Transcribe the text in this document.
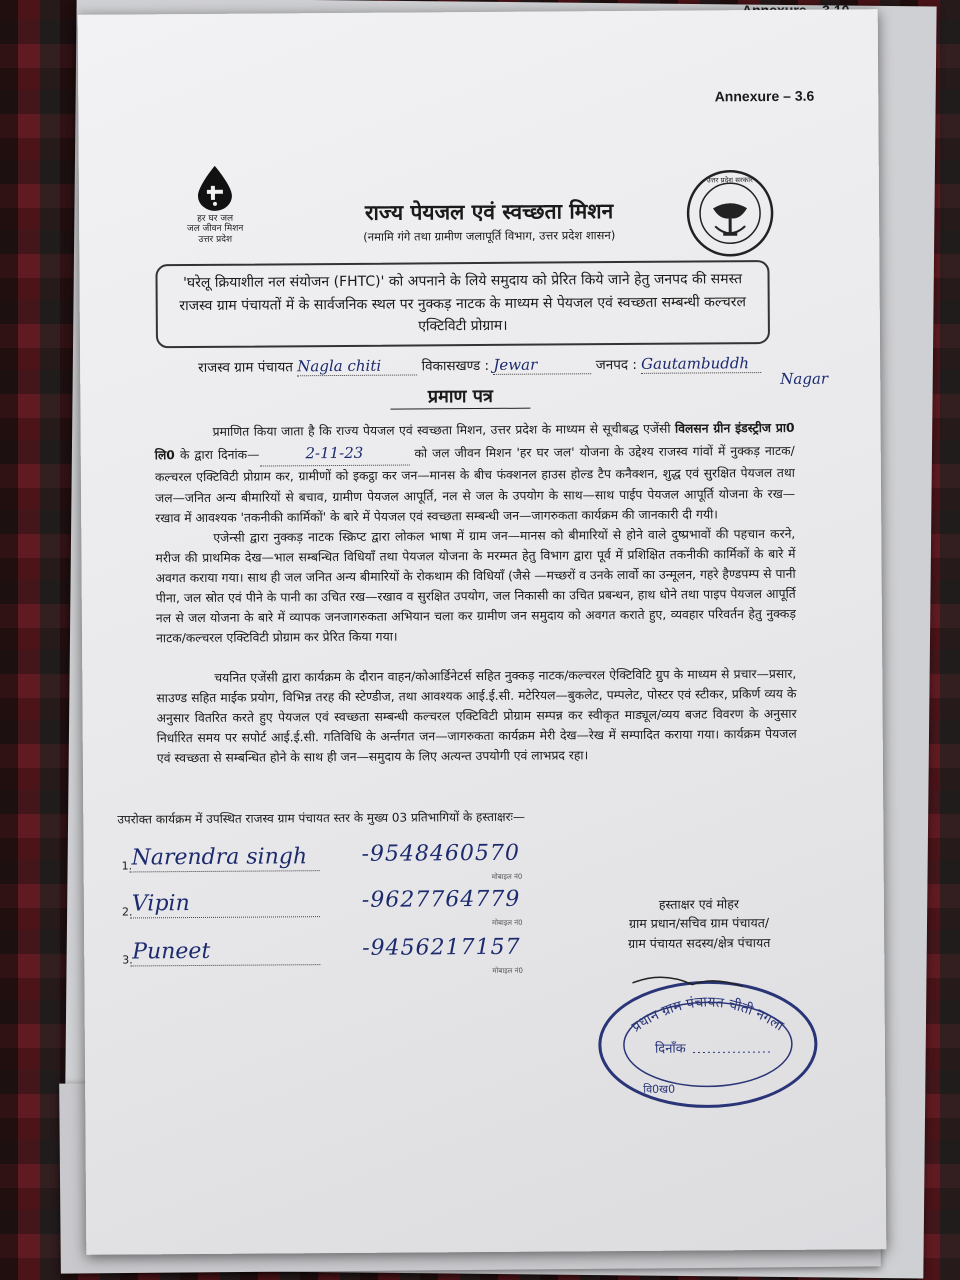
Annexure – 3.6
हर घर जल
जल जीवन मिशन
उत्तर प्रदेश
राज्य पेयजल एवं स्वच्छता मिशन
(नमामि गंगे तथा ग्रामीण जलापूर्ति विभाग, उत्तर प्रदेश शासन)
उत्तर प्रदेश सरकार
'घरेलू क्रियाशील नल संयोजन (FHTC)' को अपनाने के लिये समुदाय को प्रेरित किये जाने हेतु जनपद की समस्त राजस्व ग्राम पंचायतों में के सार्वजनिक स्थल पर नुक्कड़ नाटक के माध्यम से पेयजल एवं स्वच्छता सम्बन्धी कल्चरल एक्टिविटी प्रोग्राम।
राजस्व ग्राम पंचायत Nagla chiti	विकासखण्ड : Jewar	जनपद : Gautambuddh
Nagar
प्रमाण पत्र
प्रमाणित किया जाता है कि राज्य पेयजल एवं स्वच्छता मिशन, उत्तर प्रदेश के माध्यम से सूचीबद्ध एजेंसी विलसन ग्रीन इंडस्ट्रीज प्रा0 लि0 के द्वारा दिनांक—	2-11-23	को जल जीवन मिशन 'हर घर जल' योजना के उद्देश्य राजस्व गांवों में नुक्कड़ नाटक/कल्चरल एक्टिविटी प्रोग्राम कर, ग्रामीणों को इकट्ठा कर जन—मानस के बीच फंक्शनल हाउस होल्ड टैप कनैक्शन, शुद्ध एवं सुरक्षित पेयजल तथा जल—जनित अन्य बीमारियों से बचाव, ग्रामीण पेयजल आपूर्ति, नल से जल के उपयोग के साथ—साथ पाईप पेयजल आपूर्ति योजना के रख—रखाव में आवश्यक 'तकनीकी कार्मिकों' के बारे में पेयजल एवं स्वच्छता सम्बन्धी जन—जागरुकता कार्यक्रम की जानकारी दी गयी।
एजेन्सी द्वारा नुक्कड़ नाटक स्क्रिप्ट द्वारा लोकल भाषा में ग्राम जन—मानस को बीमारियों से होने वाले दुष्प्रभावों की पहचान करने, मरीज की प्राथमिक देख—भाल सम्बन्धित विधियाँ तथा पेयजल योजना के मरम्मत हेतु विभाग द्वारा पूर्व में प्रशिक्षित तकनीकी कार्मिकों के बारे में अवगत कराया गया। साथ ही जल जनित अन्य बीमारियों के रोकथाम की विधियाँ (जैसे —मच्छरों व उनके लार्वो का उन्मूलन, गहरे हैण्डपम्प से पानी पीना, जल स्रोत एवं पीने के पानी का उचित रख—रखाव व सुरक्षित उपयोग, जल निकासी का उचित प्रबन्धन, हाथ धोने तथा पाइप पेयजल आपूर्ति नल से जल योजना के बारे में व्यापक जनजागरुकता अभियान चला कर ग्रामीण जन समुदाय को अवगत कराते हुए, व्यवहार परिवर्तन हेतु नुक्कड़ नाटक/कल्चरल एक्टिविटी प्रोग्राम कर प्रेरित किया गया।
चयनित एजेंसी द्वारा कार्यक्रम के दौरान वाहन/कोआर्डिनेटर्स सहित नुक्कड़ नाटक/कल्चरल ऐक्टिविटि ग्रुप के माध्यम से प्रचार—प्रसार, साउण्ड सहित माईक प्रयोग, विभिन्न तरह की स्टेण्डीज, तथा आवश्यक आई.ई.सी. मटेरियल—बुकलेट, पम्पलेट, पोस्टर एवं स्टीकर, प्रकिर्ण व्यय के अनुसार वितरित करते हुए पेयजल एवं स्वच्छता सम्बन्धी कल्चरल एक्टिविटी प्रोग्राम सम्पन्न कर स्वीकृत माड्यूल/व्यय बजट विवरण के अनुसार निर्धारित समय पर सपोर्ट आई.ई.सी. गतिविधि के अर्न्तगत जन—जागरुकता कार्यक्रम मेरी देख—रेख में सम्पादित कराया गया। कार्यक्रम पेयजल एवं स्वच्छता से सम्बन्धित होने के साथ ही जन—समुदाय के लिए अत्यन्त उपयोगी एवं लाभप्रद रहा।
उपरोक्त कार्यक्रम में उपस्थित राजस्व ग्राम पंचायत स्तर के मुख्य 03 प्रतिभागियों के हस्ताक्षरः—
1. Narendra singh -9548460570
मोबाइल नं0
2. Vipin	-9627764779
मोबाइल नं0
3. Puneet	-9456217157
मोबाइल नं0
हस्ताक्षर एवं मोहर
ग्राम प्रधान/सचिव ग्राम पंचायत/
ग्राम पंचायत सदस्य/क्षेत्र पंचायत
प्रधान ग्राम पंचायत चीती नगला
दिनाँक
वि0ख0
